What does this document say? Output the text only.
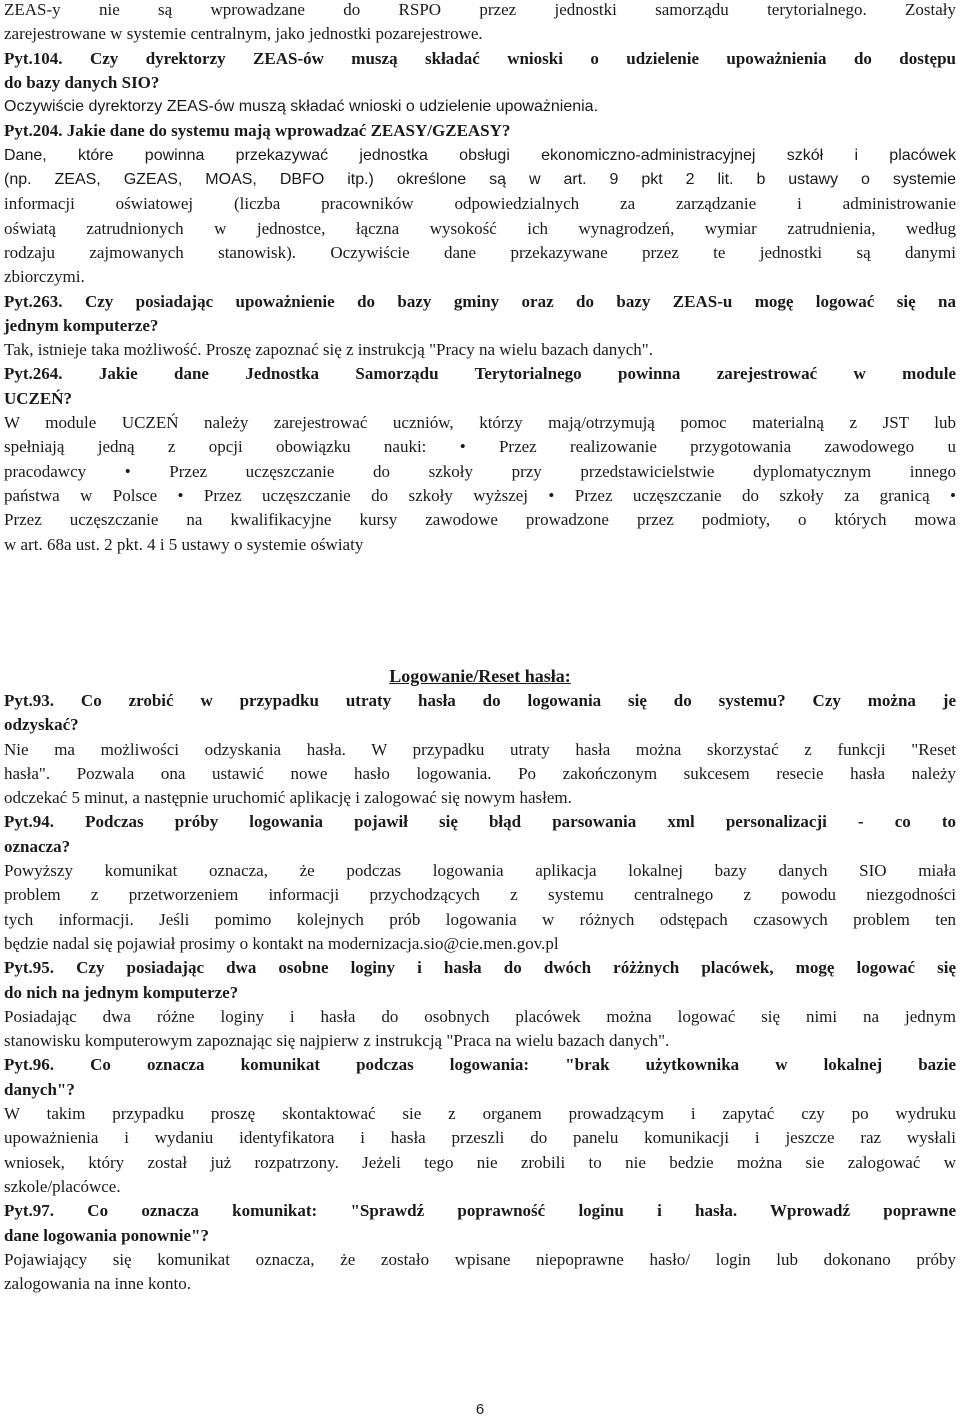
ZEAS-y nie są wprowadzane do RSPO przez jednostki samorządu terytorialnego. Zostały
zarejestrowane w systemie centralnym, jako jednostki pozarejestrowe.
Pyt.104. Czy dyrektorzy ZEAS-ów muszą składać wnioski o udzielenie upoważnienia do dostępu
do bazy danych SIO?
Oczywiście dyrektorzy ZEAS-ów muszą składać wnioski o udzielenie upoważnienia.
Pyt.204. Jakie dane do systemu mają wprowadzać ZEASY/GZEASY?
Dane, które powinna przekazywać jednostka obsługi ekonomiczno-administracyjnej szkół i placówek
(np. ZEAS, GZEAS, MOAS, DBFO itp.) określone są w art. 9 pkt 2 lit. b ustawy o systemie
informacji oświatowej (liczba pracowników odpowiedzialnych za zarządzanie i administrowanie
oświatą zatrudnionych w jednostce, łączna wysokość ich wynagrodzeń, wymiar zatrudnienia, według
rodzaju zajmowanych stanowisk). Oczywiście dane przekazywane przez te jednostki są danymi
zbiorczymi.
Pyt.263. Czy posiadając upoważnienie do bazy gminy oraz do bazy ZEAS-u mogę logować się na
jednym komputerze?
Tak, istnieje taka możliwość. Proszę zapoznać się z instrukcją "Pracy na wielu bazach danych".
Pyt.264. Jakie dane Jednostka Samorządu Terytorialnego powinna zarejestrować w module
UCZEŃ?
W module UCZEŃ należy zarejestrować uczniów, którzy mają/otrzymują pomoc materialną z JST lub
spełniają jedną z opcji obowiązku nauki: • Przez realizowanie przygotowania zawodowego u
pracodawcy • Przez uczęszczanie do szkoły przy przedstawicielstwie dyplomatycznym innego
państwa w Polsce • Przez uczęszczanie do szkoły wyższej • Przez uczęszczanie do szkoły za granicą •
Przez uczęszczanie na kwalifikacyjne kursy zawodowe prowadzone przez podmioty, o których mowa
w art. 68a ust. 2 pkt. 4 i 5 ustawy o systemie oświaty
Logowanie/Reset hasła:
Pyt.93. Co zrobić w przypadku utraty hasła do logowania się do systemu? Czy można je
odzyskać?
Nie ma możliwości odzyskania hasła. W przypadku utraty hasła można skorzystać z funkcji "Reset
hasła". Pozwala ona ustawić nowe hasło logowania. Po zakończonym sukcesem resecie hasła należy
odczekać 5 minut, a następnie uruchomić aplikację i zalogować się nowym hasłem.
Pyt.94. Podczas próby logowania pojawił się błąd parsowania xml personalizacji - co to
oznacza?
Powyższy komunikat oznacza, że podczas logowania aplikacja lokalnej bazy danych SIO miała
problem z przetworzeniem informacji przychodzących z systemu centralnego z powodu niezgodności
tych informacji. Jeśli pomimo kolejnych prób logowania w różnych odstępach czasowych problem ten
będzie nadal się pojawiał prosimy o kontakt na modernizacja.sio@cie.men.gov.pl
Pyt.95. Czy posiadając dwa osobne loginy i hasła do dwóch różżnych placówek, mogę logować się
do nich na jednym komputerze?
Posiadając dwa różne loginy i hasła do osobnych placówek można logować się nimi na jednym
stanowisku komputerowym zapoznając się najpierw z instrukcją "Praca na wielu bazach danych".
Pyt.96. Co oznacza komunikat podczas logowania: "brak użytkownika w lokalnej bazie
danych"?
W takim przypadku proszę skontaktować sie z organem prowadzącym i zapytać czy po wydruku
upoważnienia i wydaniu identyfikatora i hasła przeszli do panelu komunikacji i jeszcze raz wysłali
wniosek, który został już rozpatrzony. Jeżeli tego nie zrobili to nie bedzie można sie zalogować w
szkole/placówce.
Pyt.97. Co oznacza komunikat: "Sprawdź poprawność loginu i hasła. Wprowadź poprawne
dane logowania ponownie"?
Pojawiający się komunikat oznacza, że zostało wpisane niepoprawne hasło/ login lub dokonano próby
zalogowania na inne konto.
6
